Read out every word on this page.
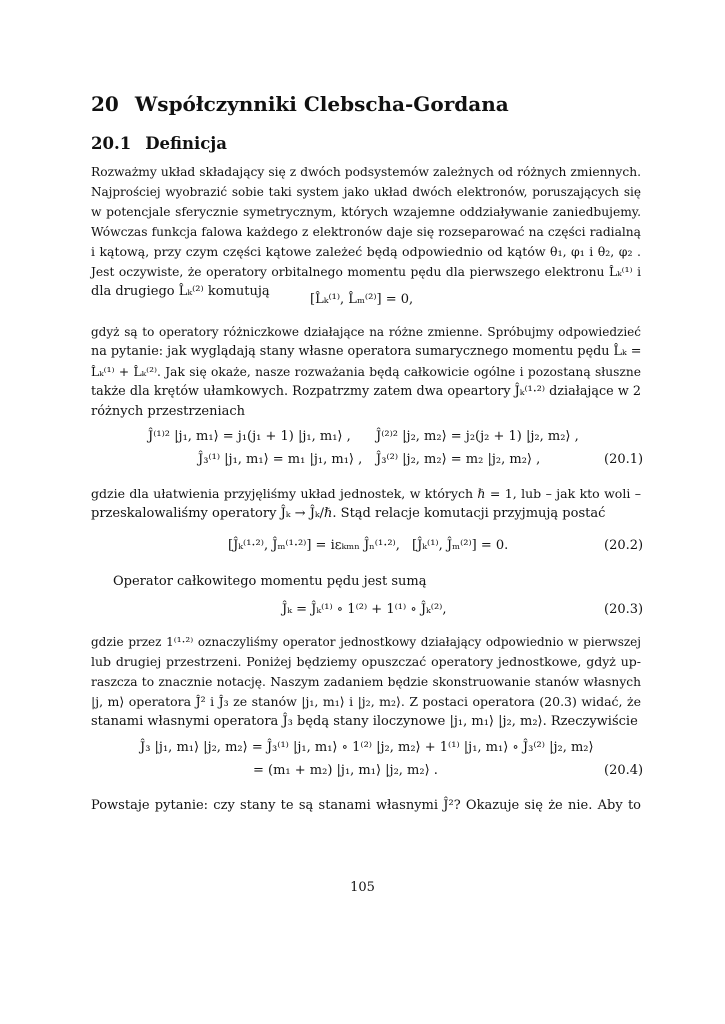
20 Współczynniki Clebscha-Gordana
20.1 Definicja
Rozważmy układ składający się z dwóch podsystemów zależnych od różnych zmiennych.
Najprościej wyobrazić sobie taki system jako układ dwóch elektronów, poruszających się
w potencjale sferycznie symetrycznym, których wzajemne oddziaływanie zaniedbujemy.
Wówczas funkcja falowa każdego z elektronów daje się rozseparować na części radialną
i kątową, przy czym części kątowe zależeć będą odpowiednio od kątów θ₁, φ₁ i θ₂, φ₂ .
Jest oczywiste, że operatory orbitalnego momentu pędu dla pierwszego elektronu L̂ₖ⁽¹⁾ i
dla drugiego L̂ₖ⁽²⁾ komutują
[L̂ₖ⁽¹⁾, L̂ₘ⁽²⁾] = 0,
gdyż są to operatory różniczkowe działające na różne zmienne. Spróbujmy odpowiedzieć
na pytanie: jak wyglądają stany własne operatora sumarycznego momentu pędu L̂ₖ =
L̂ₖ⁽¹⁾ + L̂ₖ⁽²⁾. Jak się okaże, nasze rozważania będą całkowicie ogólne i pozostaną słuszne
także dla krętów ułamkowych. Rozpatrzmy zatem dwa opeartory Ĵₖ⁽¹·²⁾ działające w 2
różnych przestrzeniach
Ĵ⁽¹⁾² |j₁, m₁⟩ = j₁(j₁ + 1) |j₁, m₁⟩ , Ĵ⁽²⁾² |j₂, m₂⟩ = j₂(j₂ + 1) |j₂, m₂⟩ ,
Ĵ₃⁽¹⁾ |j₁, m₁⟩ = m₁ |j₁, m₁⟩ , Ĵ₃⁽²⁾ |j₂, m₂⟩ = m₂ |j₂, m₂⟩ ,	(20.1)
gdzie dla ułatwienia przyjęliśmy układ jednostek, w których ℏ = 1, lub – jak kto woli –
przeskalowaliśmy operatory Ĵₖ → Ĵₖ/ℏ. Stąd relacje komutacji przyjmują postać
[Ĵₖ⁽¹·²⁾, Ĵₘ⁽¹·²⁾] = iεₖₘₙ Ĵₙ⁽¹·²⁾, [Ĵₖ⁽¹⁾, Ĵₘ⁽²⁾] = 0.	(20.2)
Operator całkowitego momentu pędu jest sumą
Ĵₖ = Ĵₖ⁽¹⁾ ∘ 1⁽²⁾ + 1⁽¹⁾ ∘ Ĵₖ⁽²⁾,	(20.3)
gdzie przez 1⁽¹·²⁾ oznaczyliśmy operator jednostkowy działający odpowiednio w pierwszej
lub drugiej przestrzeni. Poniżej będziemy opuszczać operatory jednostkowe, gdyż up-
raszcza to znacznie notację. Naszym zadaniem będzie skonstruowanie stanów własnych
|j, m⟩ operatora Ĵ² i Ĵ₃ ze stanów |j₁, m₁⟩ i |j₂, m₂⟩. Z postaci operatora (20.3) widać, że
stanami własnymi operatora Ĵ₃ będą stany iloczynowe |j₁, m₁⟩ |j₂, m₂⟩. Rzeczywiście
Ĵ₃ |j₁, m₁⟩ |j₂, m₂⟩ = Ĵ₃⁽¹⁾ |j₁, m₁⟩ ∘ 1⁽²⁾ |j₂, m₂⟩ + 1⁽¹⁾ |j₁, m₁⟩ ∘ Ĵ₃⁽²⁾ |j₂, m₂⟩
= (m₁ + m₂) |j₁, m₁⟩ |j₂, m₂⟩ .	(20.4)
Powstaje pytanie: czy stany te są stanami własnymi Ĵ²? Okazuje się że nie. Aby to
105
